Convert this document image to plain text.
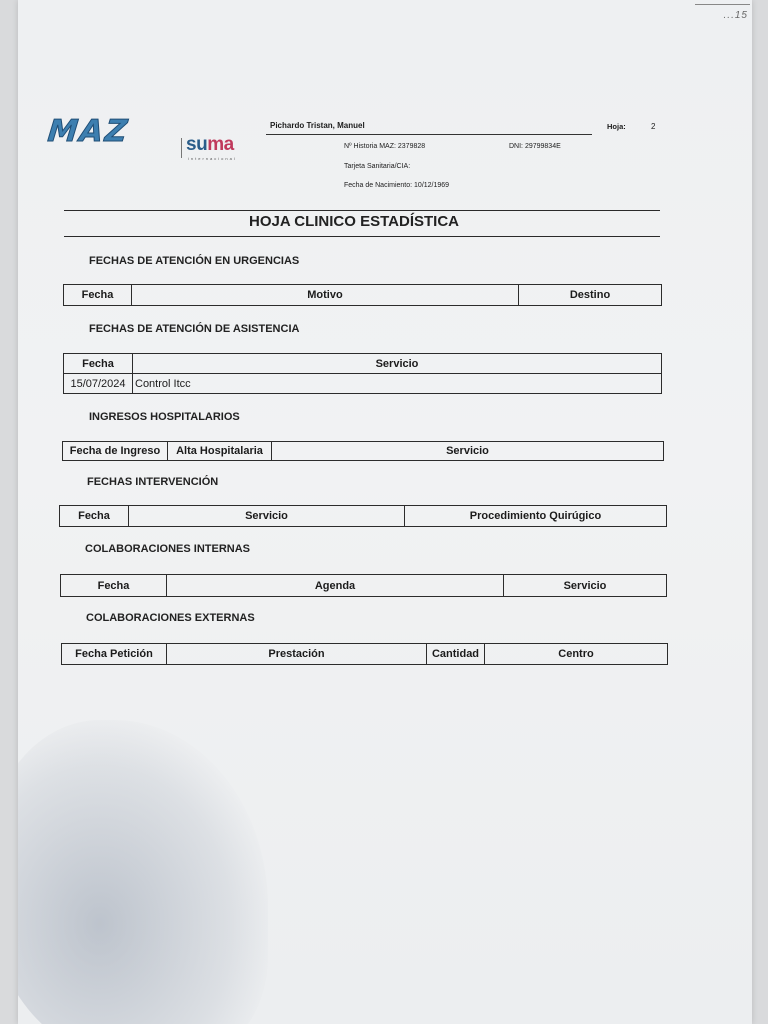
...15
MAZ	suma
internacional
Pichardo Tristan, Manuel	Hoja:	2
Nº Historia MAZ: 2379828	DNI: 29799834E
Tarjeta Sanitaria/CIA:
Fecha de Nacimiento: 10/12/1969
HOJA CLINICO ESTADÍSTICA
FECHAS DE ATENCIÓN EN URGENCIAS
Fecha	Motivo	Destino
FECHAS DE ATENCIÓN DE ASISTENCIA
Fecha	Servicio
15/07/2024 Control Itcc
INGRESOS HOSPITALARIOS
Fecha de Ingreso	Alta Hospitalaria	Servicio
FECHAS INTERVENCIÓN
Fecha	Servicio	Procedimiento Quirúgico
COLABORACIONES INTERNAS
Fecha	Agenda	Servicio
COLABORACIONES EXTERNAS
Fecha Petición	Prestación	Cantidad	Centro
